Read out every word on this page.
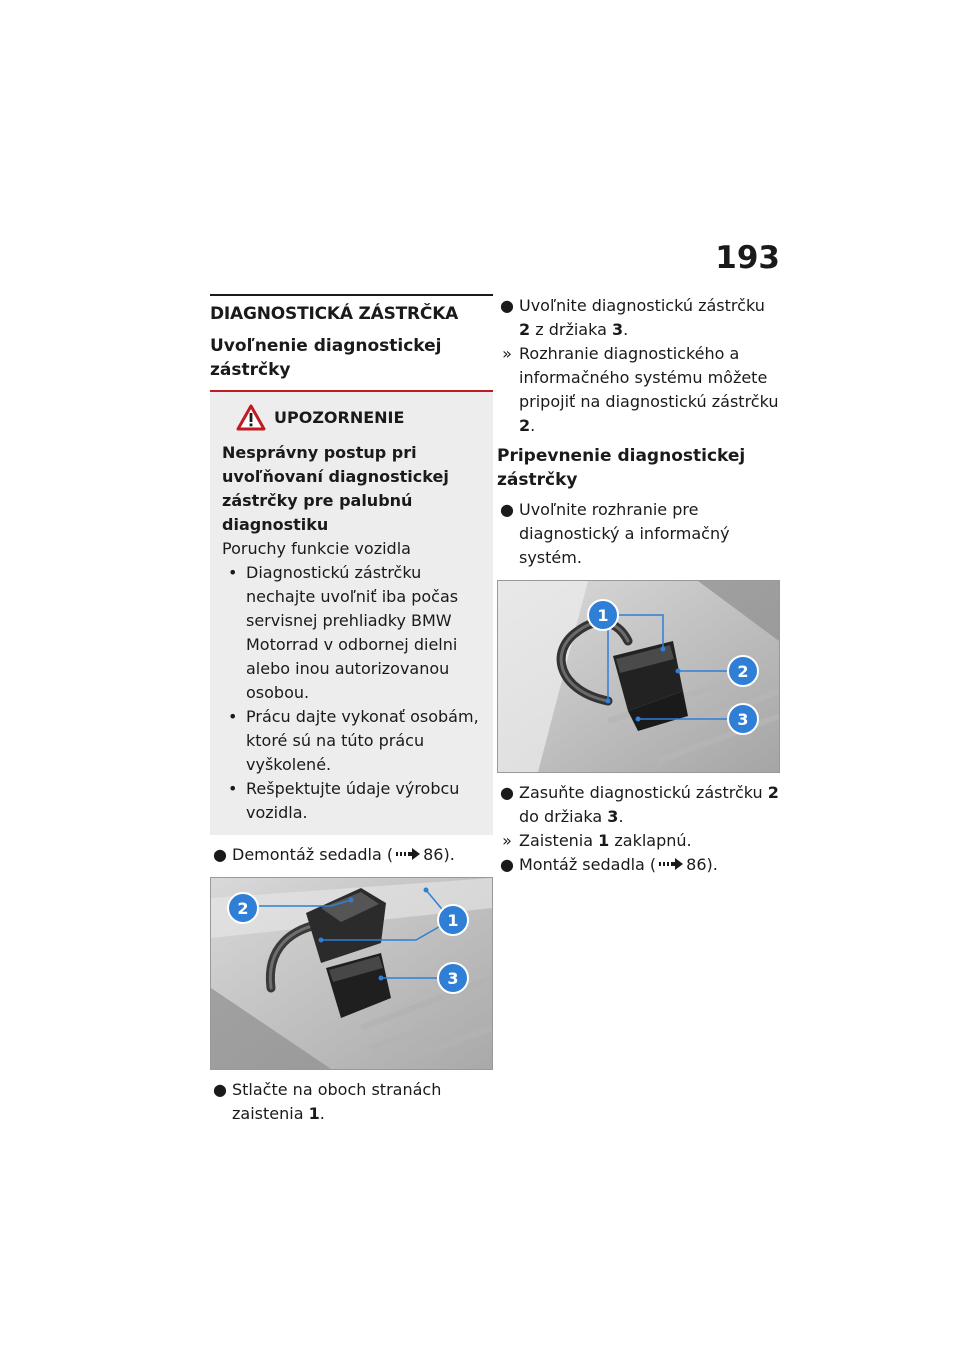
193
DIAGNOSTICKÁ ZÁSTRČKA
Uvoľnenie diagnostickej zástrčky
UPOZORNENIE
Nesprávny postup pri uvoľňovaní diagnostickej zástrčky pre palubnú diagnostiku
Poruchy funkcie vozidla
• Diagnostickú zástrčku nechajte uvoľniť iba počas servisnej prehliadky BMW Motorrad v odbornej dielni alebo inou autorizovanou osobou.
• Prácu dajte vykonať osobám, ktoré sú na túto prácu vyškolené.
• Rešpektujte údaje výrobcu vozidla.
● Demontáž sedadla ( 86).
2
1
3
● Stlačte na oboch stranách zaistenia 1.
● Uvoľnite diagnostickú zástrčku 2 z držiaka 3.
» Rozhranie diagnostického a informačného systému môžete pripojiť na diagnostickú zástrčku 2.
Pripevnenie diagnostickej zástrčky
● Uvoľnite rozhranie pre diagnostický a informačný systém.
1
2
3
● Zasuňte diagnostickú zástrčku 2 do držiaka 3.
» Zaistenia 1 zaklapnú.
● Montáž sedadla ( 86).
